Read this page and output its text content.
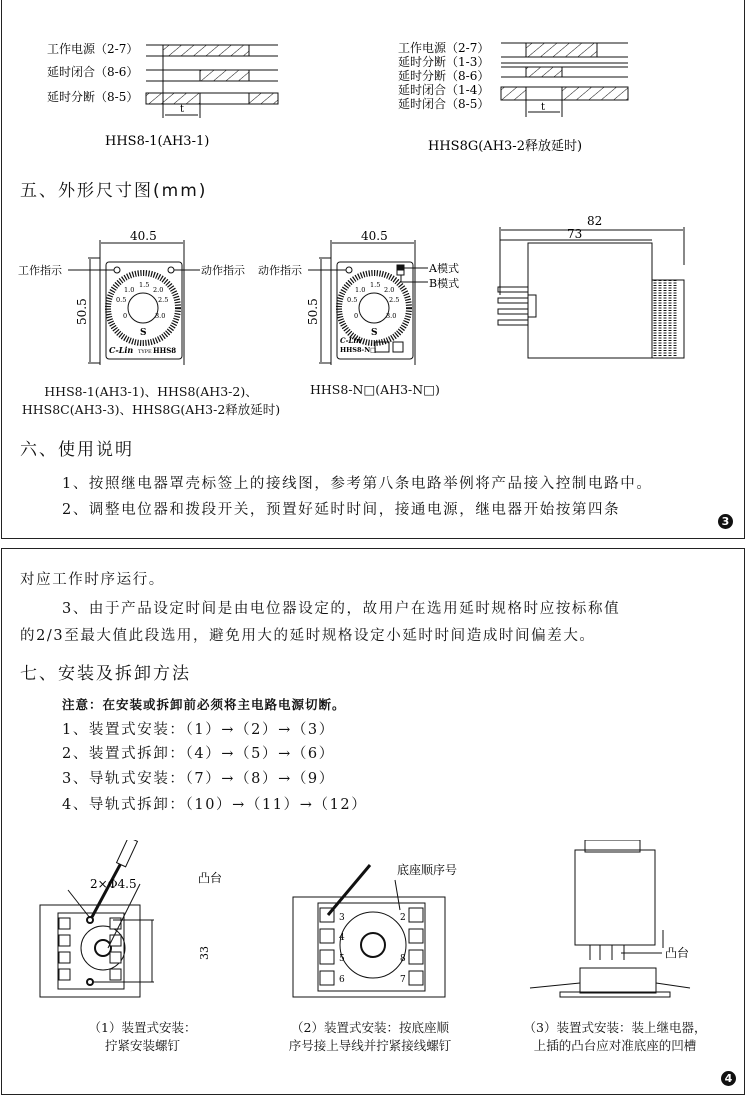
工作电源（2-7）
延时闭合（8-6）
延时分断（8-5）
t
HHS8-1(AH3-1)
工作电源（2-7）
延时分断（1-3）
延时分断（8-6）
延时闭合（1-4）
延时闭合（8-5）	t
HHS8G(AH3-2释放延时)
五、外形尺寸图(mm)
40.5
50.5
工作指示	动作指示
0
0.5
1.0
1.5
2.0
2.5
3.0	0
0.5
1.0
1.5
2.0
2.5
3.0
S
C-Lin TYPE HHS8
40.5
50.5
动作指示	A模式
B模式
S
C-Lin
HHS8-N□
82
73
HHS8-1(AH3-1)、HHS8(AH3-2)、
HHS8C(AH3-3)、HHS8G(AH3-2释放延时)
HHS8-N□(AH3-N□)
六、使用说明
1、按照继电器罩壳标签上的接线图，参考第八条电路举例将产品接入控制电路中。
2、调整电位器和拨段开关，预置好延时时间，接通电源，继电器开始按第四条
3
对应工作时序运行。
3、由于产品设定时间是由电位器设定的，故用户在选用延时规格时应按标称值
的2/3至最大值此段选用，避免用大的延时规格设定小延时时间造成时间偏差大。
七、安装及拆卸方法
注意：在安装或拆卸前必须将主电路电源切断。
1、装置式安装：（1）→（2）→（3）
2、装置式拆卸：（4）→（5）→（6）
3、导轨式安装：（7）→（8）→（9）
4、导轨式拆卸：（10）→（11）→（12）
2×Φ4.5	凸台
33
底座顺序号
3
4
5
6
2
8
7
凸台
（1）装置式安装：
拧紧安装螺钉
（2）装置式安装：按底座顺
序号接上导线并拧紧接线螺钉
（3）装置式安装：装上继电器，
上插的凸台应对准底座的凹槽
4
